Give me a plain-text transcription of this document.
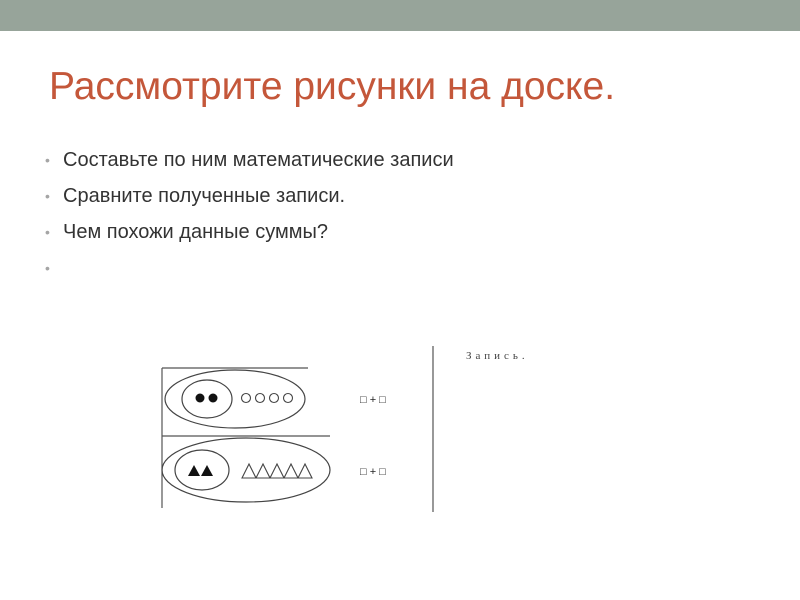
Рассмотрите рисунки на доске.
• Составьте по ним математические записи
• Сравните полученные записи.
• Чем похожи данные суммы?
•
Запись.
□ + □
□ + □
